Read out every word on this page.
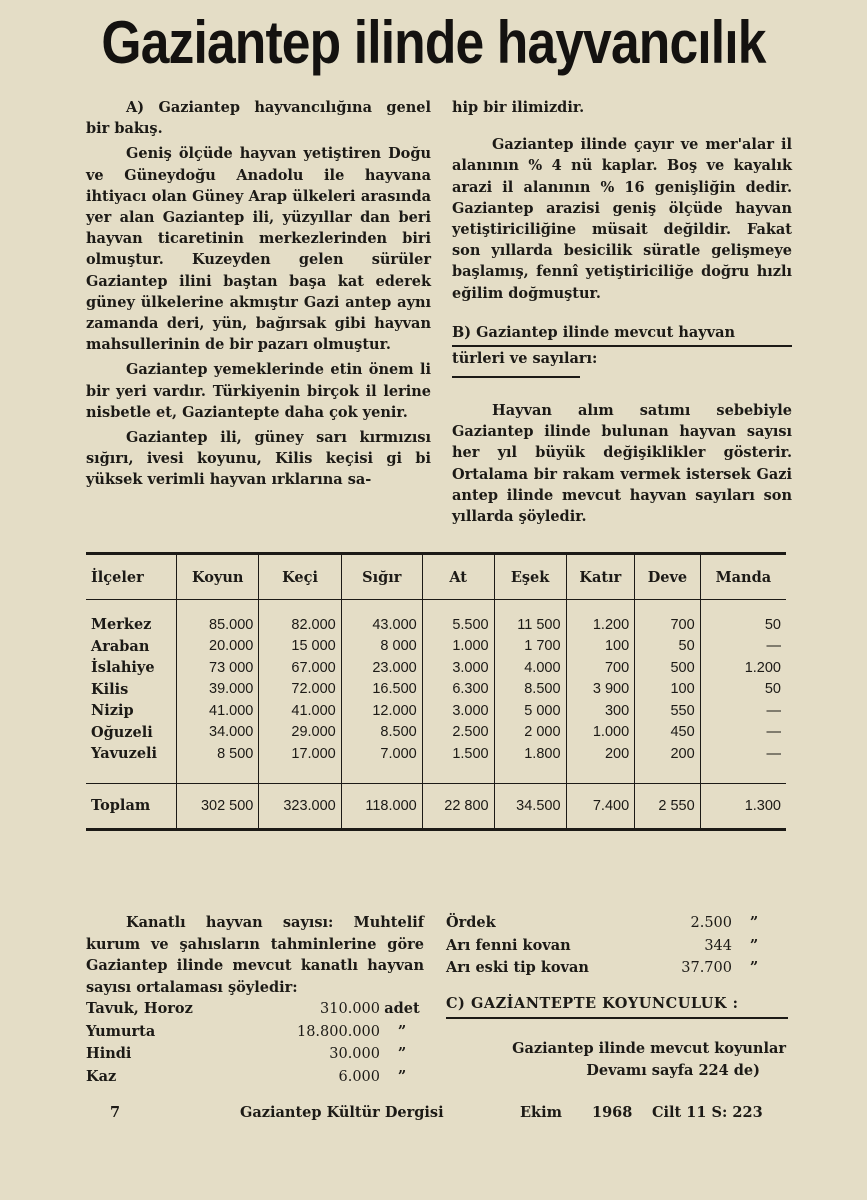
Gaziantep ilinde hayvancılık

A) Gaziantep hayvancılığına genel bir bakış.

Geniş ölçüde hayvan yetiştiren Doğu ve Güneydoğu Anadolu ile hayvana ihtiyacı olan Güney Arap ülkeleri arasında yer alan Gaziantep ili, yüzyıllar dan beri hayvan ticaretinin merkezlerinden biri olmuştur. Kuzeyden gelen sürüler Gaziantep ilini baştan başa kat ederek güney ülkelerine akmıştır Gazi antep aynı zamanda deri, yün, bağırsak gibi hayvan mahsullerinin de bir pazarı olmuştur.

Gaziantep yemeklerinde etin önem li bir yeri vardır. Türkiyenin birçok il lerine nisbetle et, Gaziantepte daha çok yenir.

Gaziantep ili, güney sarı kırmızısı sığırı, ivesi koyunu, Kilis keçisi gi bi yüksek verimli hayvan ırklarına sa-

hip bir ilimizdir.

Gaziantep ilinde çayır ve mer'alar il alanının % 4 nü kaplar. Boş ve kayalık arazi il alanının % 16 genişliğin dedir. Gaziantep arazisi geniş ölçüde hayvan yetiştiriciliğine müsait değildir. Fakat son yıllarda besicilik süratle gelişmeye başlamış, fennî yetiştiriciliğe doğru hızlı eğilim doğmuştur.

B) Gaziantep ilinde mevcut hayvan türleri ve sayıları:

Hayvan alım satımı sebebiyle Gaziantep ilinde bulunan hayvan sayısı her yıl büyük değişiklikler gösterir. Ortalama bir rakam vermek istersek Gazi antep ilinde mevcut hayvan sayıları son yıllarda şöyledir.

İlçeler	Koyun	Keçi	Sığır	At	Eşek	Katır	Deve	Manda

Merkez	85.000	82.000	43.000	5.500	11 500	1.200	700	50
Araban	20.000	15 000	8 000	1.000	1 700	100	50	—
İslahiye	73 000	67.000	23.000	3.000	4.000	700	500	1.200
Kilis	39.000	72.000	16.500	6.300	8.500	3 900	100	50
Nizip	41.000	41.000	12.000	3.000	5 000	300	550	—
Oğuzeli	34.000	29.000	8.500	2.500	2 000	1.000	450	—
Yavuzeli	8 500	17.000	7.000	1.500	1.800	200	200	—

Toplam	302 500	323.000	118.000	22 800	34.500	7.400	2 550	1.300
Kanatlı hayvan sayısı: Muhtelif kurum ve şahısların tahminlerine göre Gaziantep ilinde mevcut kanatlı hayvan sayısı ortalaması şöyledir:
Tavuk, Horoz	310.000 adet
Yumurta	18.800.000 ”
Hindi	30.000 ”
Kaz	6.000 ”
Ördek	2.500 ”
Arı fenni kovan	344 ”
Arı eski tip kovan	37.700 ”
C) GAZİANTEPTE KOYUNCULUK :
Gaziantep ilinde mevcut koyunlar
Devamı sayfa 224 de)
7	Gaziantep Kültür Dergisi	Ekim 1968 Cilt 11 S: 223
